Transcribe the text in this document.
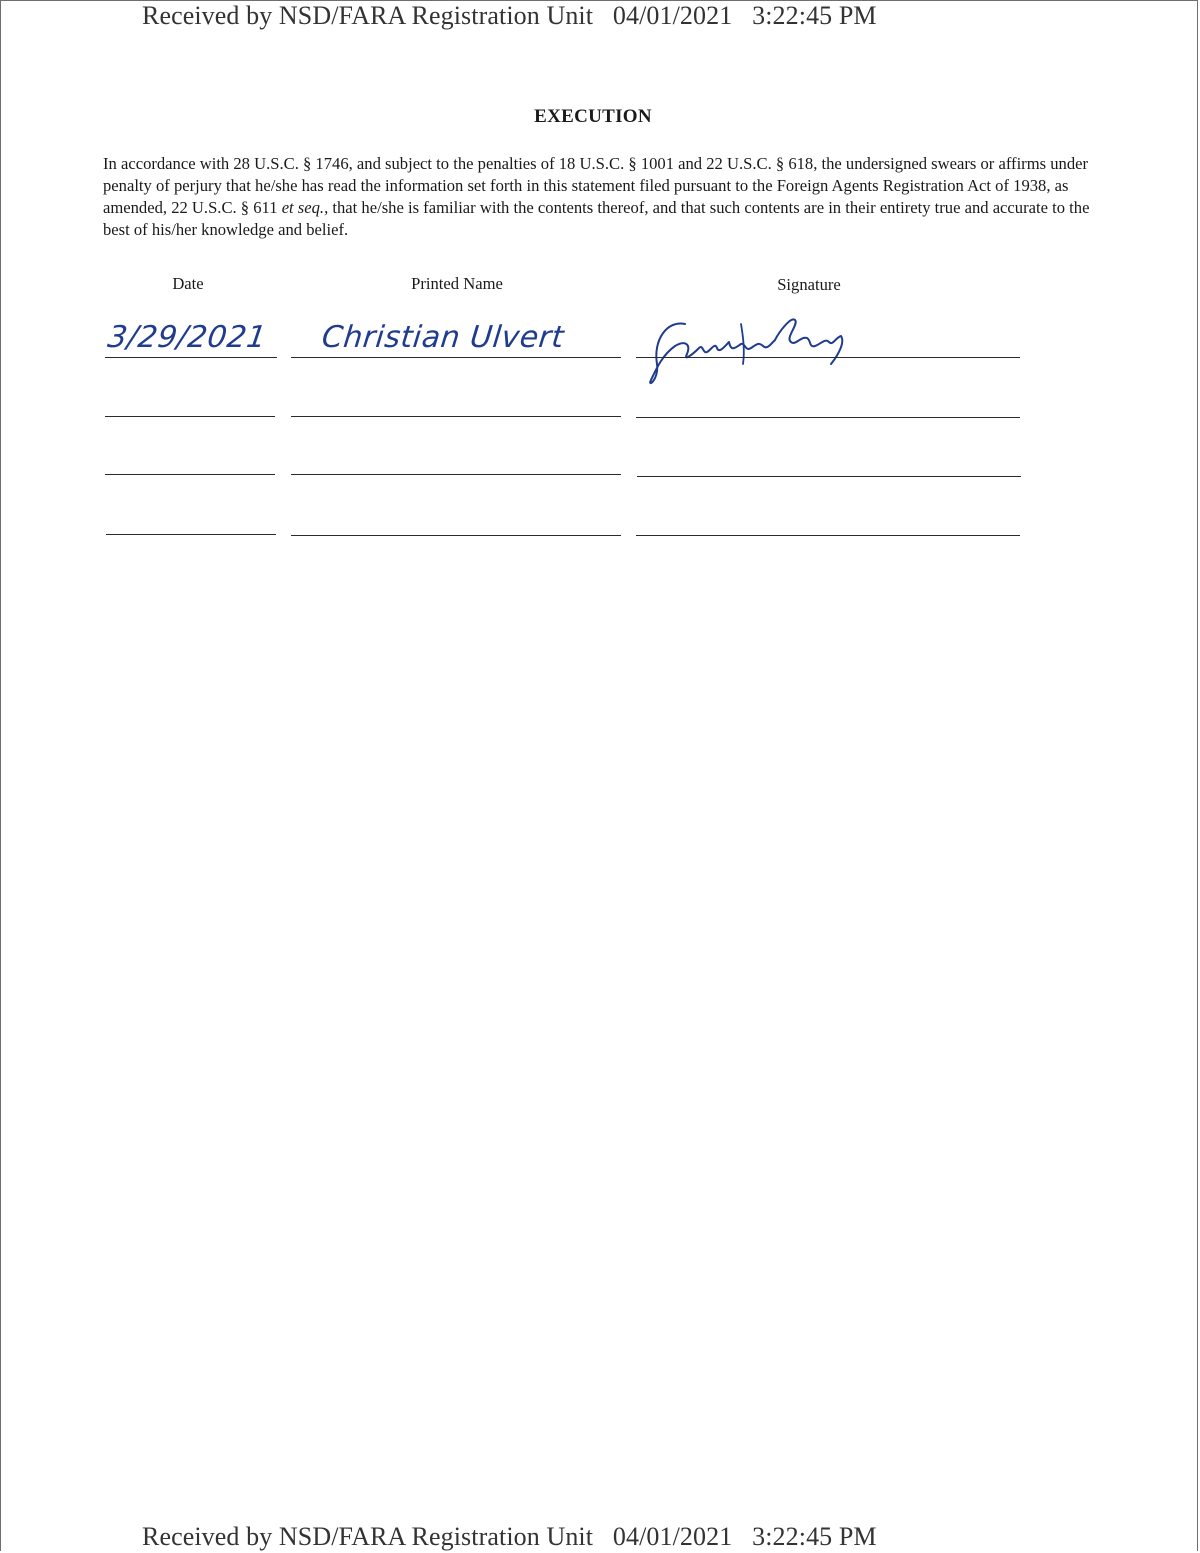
Received by NSD/FARA Registration Unit   04/01/2021   3:22:45 PM
EXECUTION
In accordance with 28 U.S.C. § 1746, and subject to the penalties of 18 U.S.C. § 1001 and 22 U.S.C. § 618, the undersigned swears or affirms under penalty of perjury that he/she has read the information set forth in this statement filed pursuant to the Foreign Agents Registration Act of 1938, as amended, 22 U.S.C. § 611 et seq., that he/she is familiar with the contents thereof, and that such contents are in their entirety true and accurate to the best of his/her knowledge and belief.
Date	Printed Name	Signature
3/29/2021 Christian Ulvert
Received by NSD/FARA Registration Unit   04/01/2021   3:22:45 PM
